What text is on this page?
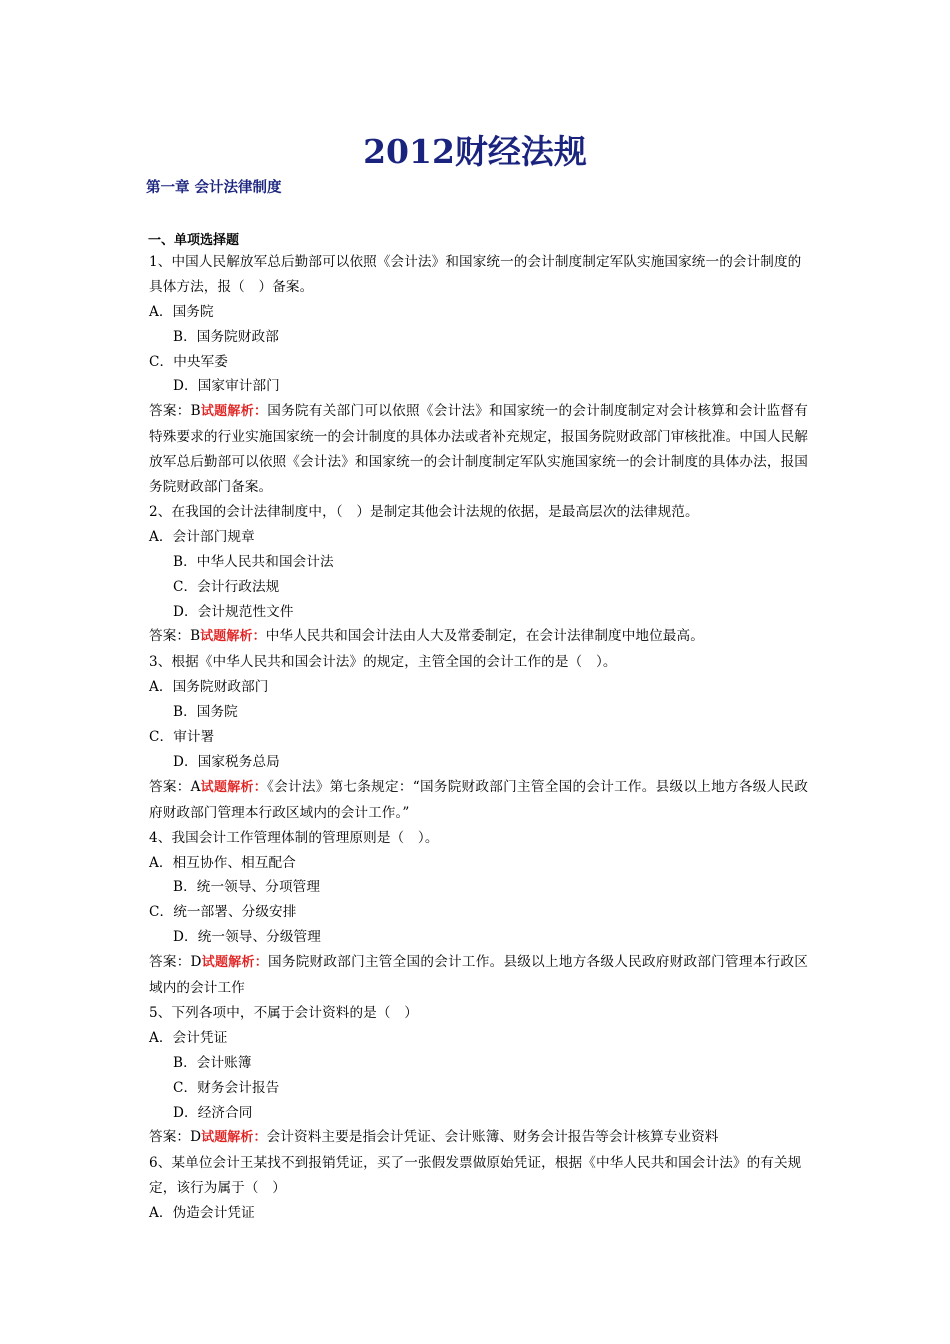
2012财经法规
第一章 会计法律制度
一、单项选择题
1、中国人民解放军总后勤部可以依照《会计法》和国家统一的会计制度制定军队实施国家统一的会计制度的具体方法，报（　）备案。
A．国务院
B．国务院财政部
C．中央军委
D．国家审计部门
答案：B试题解析：国务院有关部门可以依照《会计法》和国家统一的会计制度制定对会计核算和会计监督有特殊要求的行业实施国家统一的会计制度的具体办法或者补充规定，报国务院财政部门审核批准。中国人民解放军总后勤部可以依照《会计法》和国家统一的会计制度制定军队实施国家统一的会计制度的具体办法，报国务院财政部门备案。
2、在我国的会计法律制度中，（　）是制定其他会计法规的依据，是最高层次的法律规范。
A．会计部门规章
B．中华人民共和国会计法
C．会计行政法规
D．会计规范性文件
答案：B试题解析：中华人民共和国会计法由人大及常委制定，在会计法律制度中地位最高。
3、根据《中华人民共和国会计法》的规定，主管全国的会计工作的是（　）。
A．国务院财政部门
B．国务院
C．审计署
D．国家税务总局
答案：A试题解析：《会计法》第七条规定：“国务院财政部门主管全国的会计工作。县级以上地方各级人民政府财政部门管理本行政区域内的会计工作。”
4、我国会计工作管理体制的管理原则是（　）。
A．相互协作、相互配合
B．统一领导、分项管理
C．统一部署、分级安排
D．统一领导、分级管理
答案：D试题解析：国务院财政部门主管全国的会计工作。县级以上地方各级人民政府财政部门管理本行政区域内的会计工作
5、下列各项中，不属于会计资料的是（　）
A．会计凭证
B．会计账簿
C．财务会计报告
D．经济合同
答案：D试题解析：会计资料主要是指会计凭证、会计账簿、财务会计报告等会计核算专业资料
6、某单位会计王某找不到报销凭证，买了一张假发票做原始凭证，根据《中华人民共和国会计法》的有关规定，该行为属于（　）
A．伪造会计凭证
